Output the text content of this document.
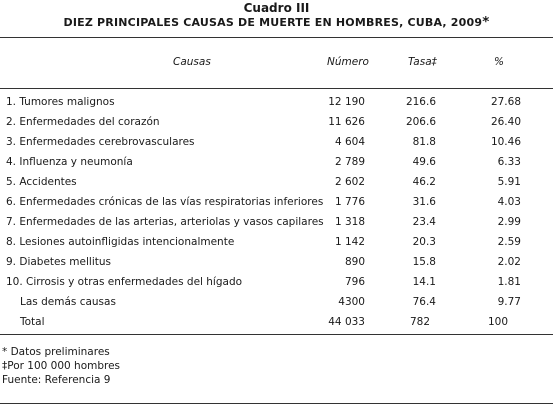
Cuadro III
DIEZ PRINCIPALES CAUSAS DE MUERTE EN HOMBRES, CUBA, 2009*
Causas	Número	Tasa‡	%
1. Tumores malignos	12 190	216.6	27.68
2. Enfermedades del corazón	11 626	206.6	26.40
3. Enfermedades cerebrovasculares	4 604	81.8	10.46
4. Influenza y neumonía	2 789	49.6	6.33
5. Accidentes	2 602	46.2	5.91
6. Enfermedades crónicas de las vías respiratorias inferiores 1 776	31.6	4.03
7. Enfermedades de las arterias, arteriolas y vasos capilares 1 318	23.4	2.99
8. Lesiones autoinfligidas intencionalmente	1 142	20.3	2.59
9. Diabetes mellitus	890	15.8	2.02
10. Cirrosis y otras enfermedades del hígado	796	14.1	1.81
Las demás causas	4300	76.4	9.77
Total	44 033	782	100
* Datos preliminares
‡Por 100 000 hombres
Fuente: Referencia 9
